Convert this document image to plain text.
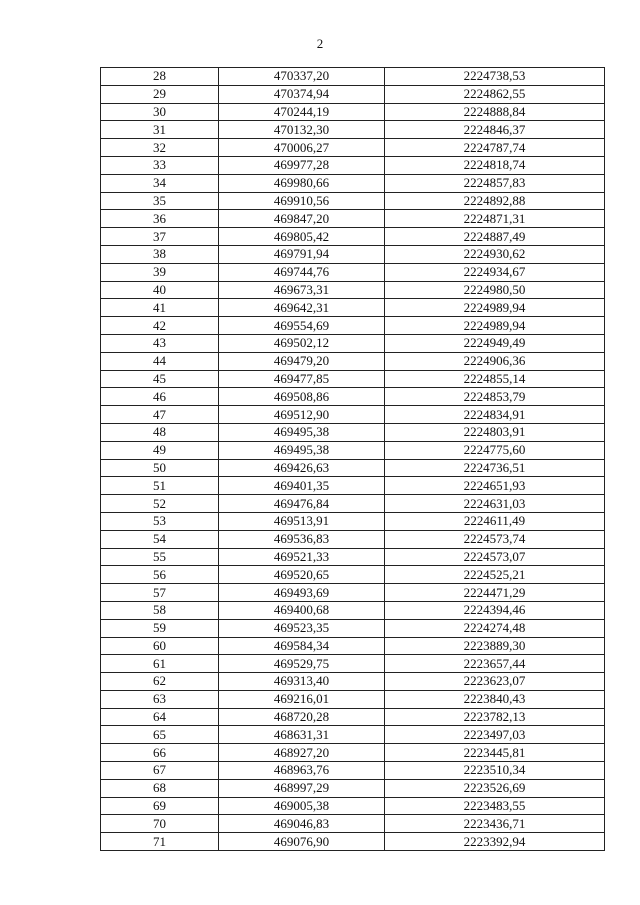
2
28	470337,20	2224738,53
29	470374,94	2224862,55
30	470244,19	2224888,84
31	470132,30	2224846,37
32	470006,27	2224787,74
33	469977,28	2224818,74
34	469980,66	2224857,83
35	469910,56	2224892,88
36	469847,20	2224871,31
37	469805,42	2224887,49
38	469791,94	2224930,62
39	469744,76	2224934,67
40	469673,31	2224980,50
41	469642,31	2224989,94
42	469554,69	2224989,94
43	469502,12	2224949,49
44	469479,20	2224906,36
45	469477,85	2224855,14
46	469508,86	2224853,79
47	469512,90	2224834,91
48	469495,38	2224803,91
49	469495,38	2224775,60
50	469426,63	2224736,51
51	469401,35	2224651,93
52	469476,84	2224631,03
53	469513,91	2224611,49
54	469536,83	2224573,74
55	469521,33	2224573,07
56	469520,65	2224525,21
57	469493,69	2224471,29
58	469400,68	2224394,46
59	469523,35	2224274,48
60	469584,34	2223889,30
61	469529,75	2223657,44
62	469313,40	2223623,07
63	469216,01	2223840,43
64	468720,28	2223782,13
65	468631,31	2223497,03
66	468927,20	2223445,81
67	468963,76	2223510,34
68	468997,29	2223526,69
69	469005,38	2223483,55
70	469046,83	2223436,71
71	469076,90	2223392,94
